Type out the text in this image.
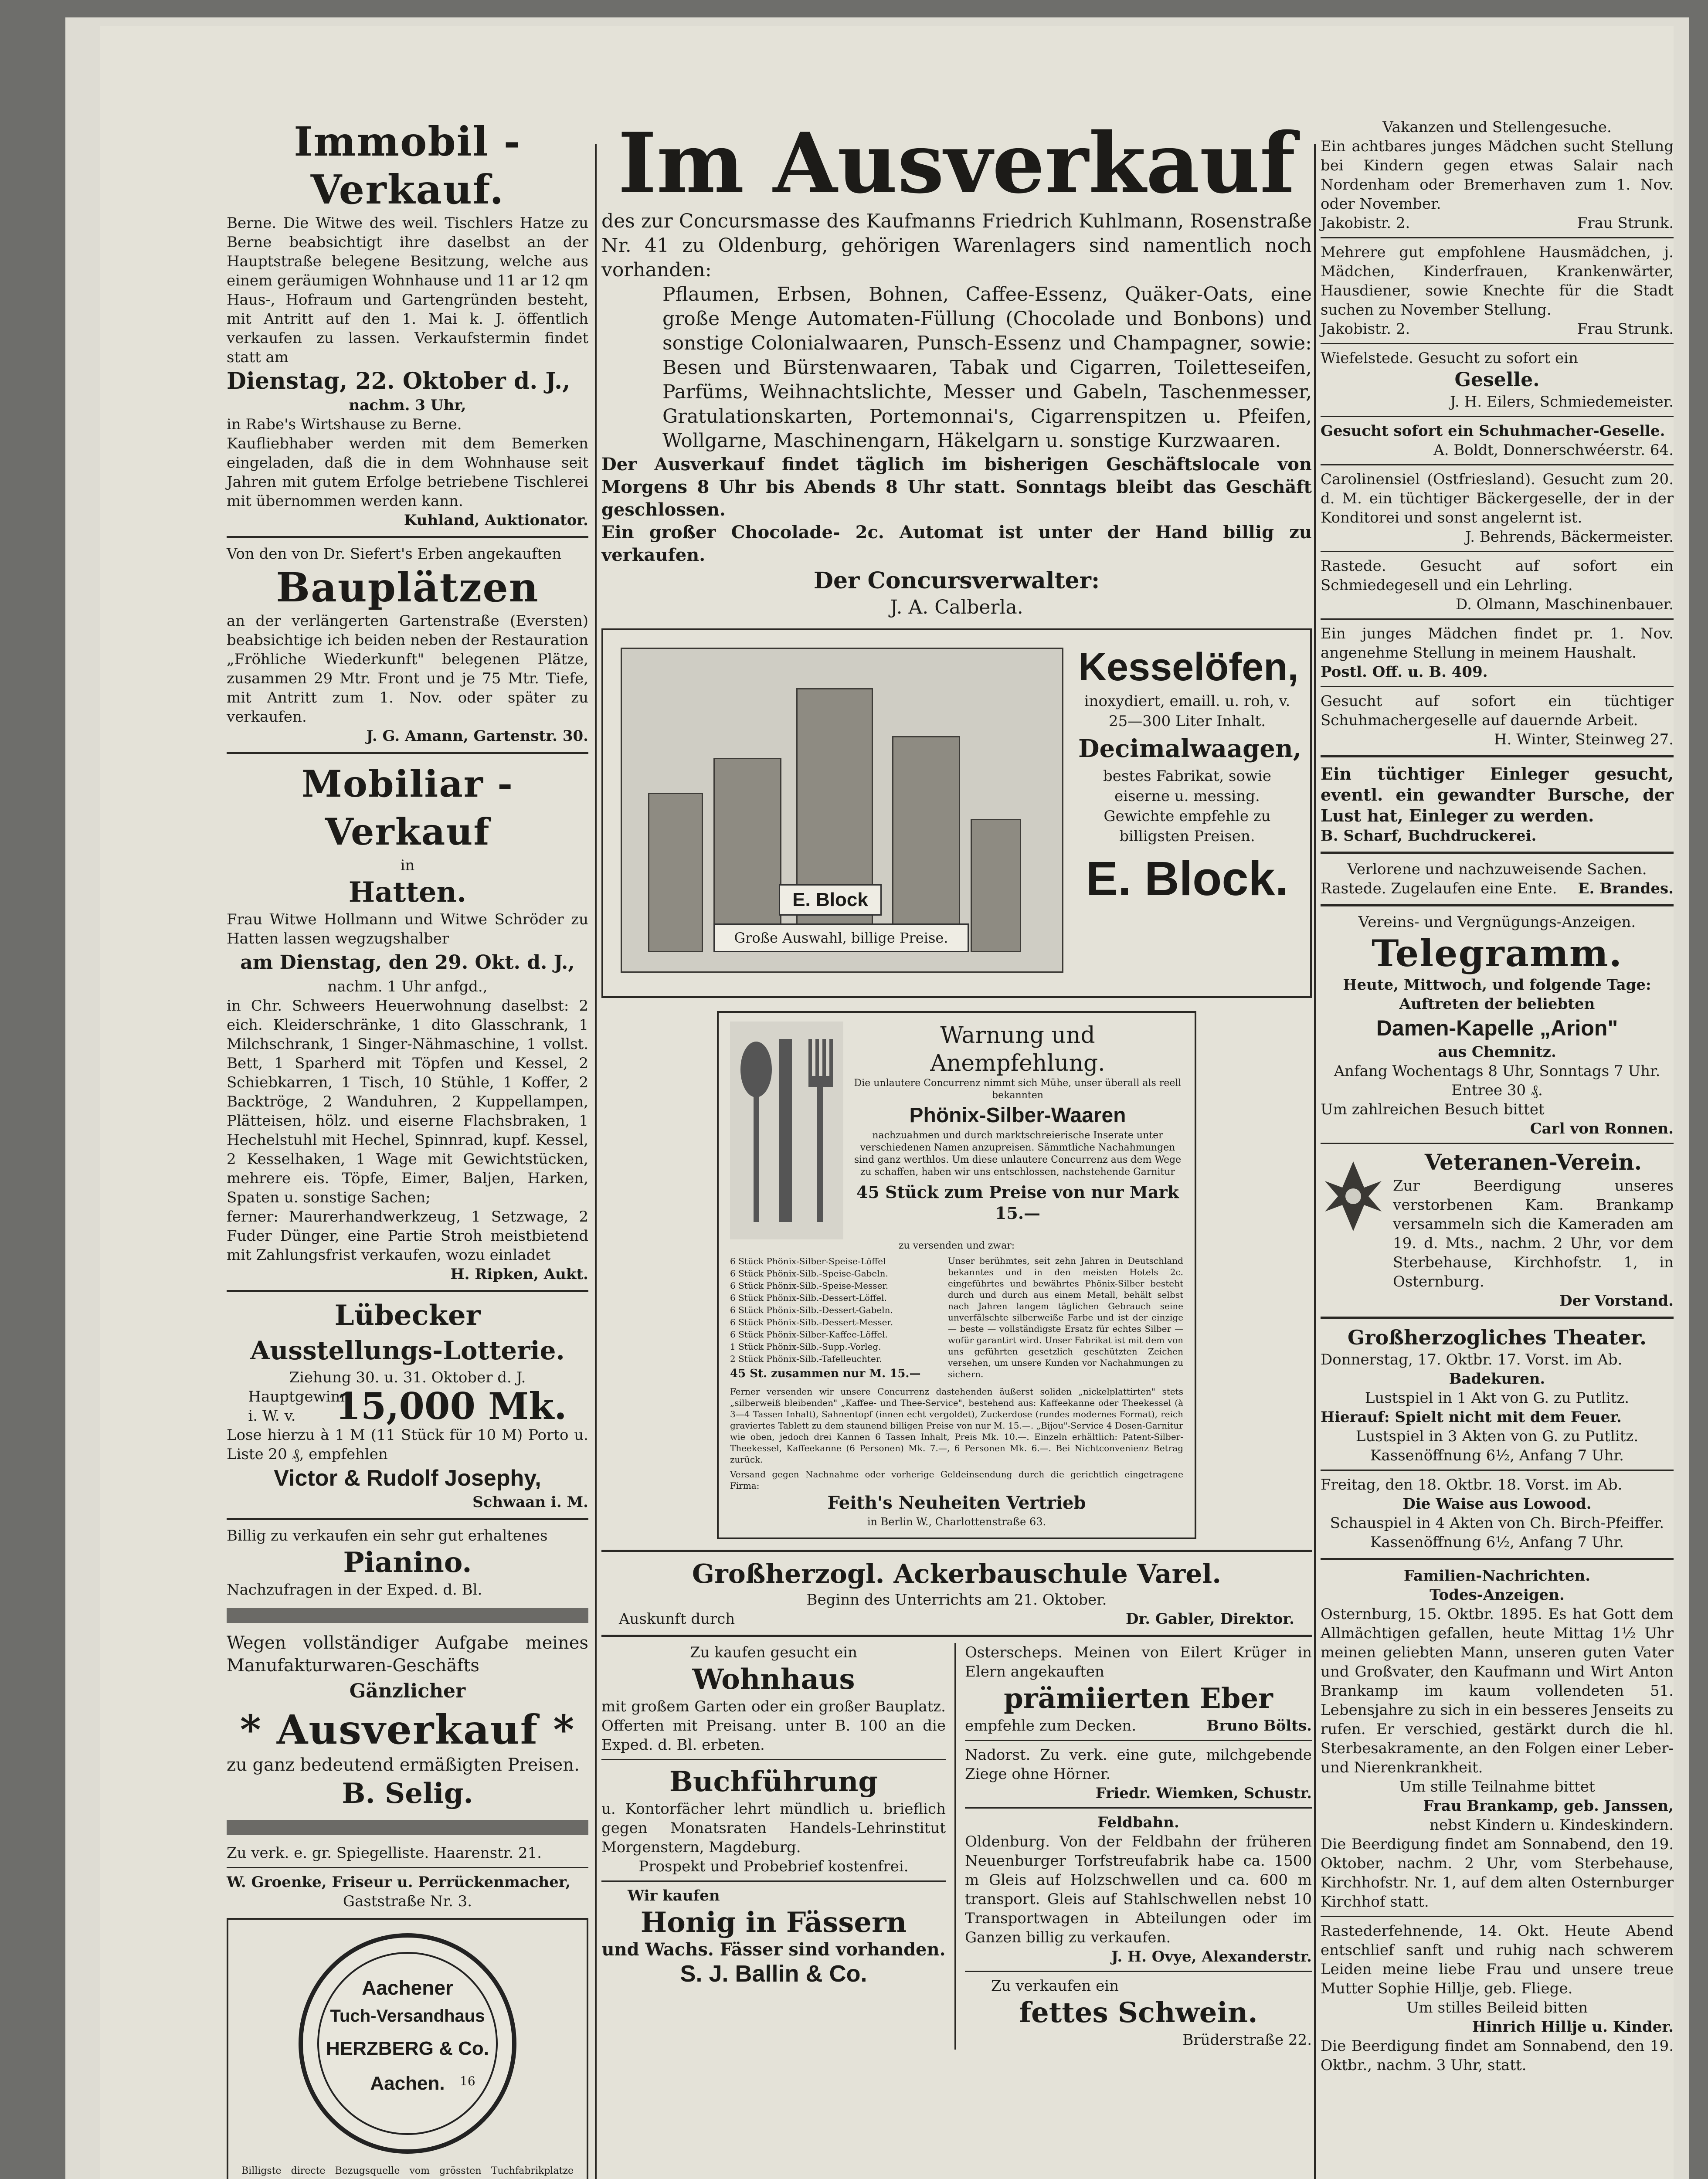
Immobil - Verkauf.

Berne. Die Witwe des weil. Tischlers Hatze zu Berne beabsichtigt ihre daselbst an der Hauptstraße belegene Besitzung, welche aus einem geräumigen Wohnhause und 11 ar 12 qm Haus-, Hofraum und Gartengründen besteht, mit Antritt auf den 1. Mai k. J. öffentlich verkaufen zu lassen. Verkaufstermin findet statt am

Dienstag, 22. Oktober d. J.,

nachm. 3 Uhr,

in Rabe's Wirtshause zu Berne.

Kaufliebhaber werden mit dem Bemerken eingeladen, daß die in dem Wohnhause seit Jahren mit gutem Erfolge betriebene Tischlerei mit übernommen werden kann.

Kuhland, Auktionator.

Von den von Dr. Siefert's Erben angekauften

Bauplätzen

an der verlängerten Gartenstraße (Eversten) beabsichtige ich beiden neben der Restauration „Fröhliche Wiederkunft" belegenen Plätze, zusammen 29 Mtr. Front und je 75 Mtr. Tiefe, mit Antritt zum 1. Nov. oder später zu verkaufen.

J. G. Amann, Gartenstr. 30.

Mobiliar - Verkauf

in

Hatten.

Frau Witwe Hollmann und Witwe Schröder zu Hatten lassen wegzugshalber

am Dienstag, den 29. Okt. d. J.,

nachm. 1 Uhr anfgd.,

in Chr. Schweers Heuerwohnung daselbst: 2 eich. Kleiderschränke, 1 dito Glasschrank, 1 Milchschrank, 1 Singer-Nähmaschine, 1 vollst. Bett, 1 Sparherd mit Töpfen und Kessel, 2 Schiebkarren, 1 Tisch, 10 Stühle, 1 Koffer, 2 Backtröge, 2 Wanduhren, 2 Kuppellampen, Plätteisen, hölz. und eiserne Flachsbraken, 1 Hechelstuhl mit Hechel, Spinnrad, kupf. Kessel, 2 Kesselhaken, 1 Wage mit Gewichtstücken, mehrere eis. Töpfe, Eimer, Baljen, Harken, Spaten u. sonstige Sachen;

ferner: Maurerhandwerkzeug, 1 Setzwage, 2 Fuder Dünger, eine Partie Stroh meistbietend mit Zahlungsfrist verkaufen, wozu einladet

H. Ripken, Aukt.

Lübecker

Ausstellungs-Lotterie.

Ziehung 30. u. 31. Oktober d. J.

Hauptgewinn i. W. v.	15,000 Mk.

Lose hierzu à 1 M (11 Stück für 10 M) Porto u. Liste 20 ₰, empfehlen

Victor & Rudolf Josephy,

Schwaan i. M.

Billig zu verkaufen ein sehr gut erhaltenes

Pianino.

Nachzufragen in der Exped. d. Bl.

Wegen vollständiger Aufgabe meines Manufakturwaren-Geschäfts

Gänzlicher

* Ausverkauf *

zu ganz bedeutend ermäßigten Preisen.

B. Selig.

Zu verk. e. gr. Spiegelliste. Haarenstr. 21.

W. Groenke, Friseur u. Perrückenmacher,

Gaststraße Nr. 3.

Aachener

Tuch-Versandhaus

HERZBERG & Co.

Aachen.	16

Billigste directe Bezugsquelle vom grössten Tuchfabrikplatze

Im Ausverkauf

des zur Concursmasse des Kaufmanns Friedrich Kuhlmann, Rosenstraße Nr. 41 zu Oldenburg, gehörigen Warenlagers sind namentlich noch vorhanden:

Pflaumen, Erbsen, Bohnen, Caffee-Essenz, Quäker-Oats, eine große Menge Automaten-Füllung (Chocolade und Bonbons) und sonstige Colonialwaaren, Punsch-Essenz und Champagner, sowie: Besen und Bürstenwaaren, Tabak und Cigarren, Toiletteseifen, Parfüms, Weihnachtslichte, Messer und Gabeln, Taschenmesser, Gratulationskarten, Portemonnai's, Cigarrenspitzen u. Pfeifen, Wollgarne, Maschinengarn, Häkelgarn u. sonstige Kurzwaaren.

Der Ausverkauf findet täglich im bisherigen Geschäftslocale von Morgens 8 Uhr bis Abends 8 Uhr statt. Sonntags bleibt das Geschäft geschlossen.

Ein großer Chocolade- 2c. Automat ist unter der Hand billig zu verkaufen.

Der Concursverwalter:

J. A. Calberla.

E. Block

Große Auswahl, billige Preise.

Kesselöfen,

inoxydiert, emaill. u. roh, v. 25—300 Liter Inhalt.

Decimalwaagen,

bestes Fabrikat, sowie eiserne u. messing. Gewichte empfehle zu billigsten Preisen.

E. Block.

Warnung und Anempfehlung.

Die unlautere Concurrenz nimmt sich Mühe, unser überall als reell bekannten

Phönix-Silber-Waaren

nachzuahmen und durch marktschreierische Inserate unter verschiedenen Namen anzupreisen. Sämmtliche Nachahmungen sind ganz werthlos. Um diese unlautere Concurrenz aus dem Wege zu schaffen, haben wir uns entschlossen, nachstehende Garnitur

45 Stück zum Preise von nur Mark 15.—

zu versenden und zwar:

6 Stück Phönix-Silber-Speise-Löffel

6 Stück Phönix-Silb.-Speise-Gabeln.

6 Stück Phönix-Silb.-Speise-Messer.

6 Stück Phönix-Silb.-Dessert-Löffel.

6 Stück Phönix-Silb.-Dessert-Gabeln.

6 Stück Phönix-Silb.-Dessert-Messer.

6 Stück Phönix-Silber-Kaffee-Löffel.

1 Stück Phönix-Silb.-Supp.-Vorleg.

2 Stück Phönix-Silb.-Tafelleuchter.

45 St. zusammen nur M. 15.—

Unser berühmtes, seit zehn Jahren in Deutschland bekanntes und in den meisten Hotels 2c. eingeführtes und bewährtes Phönix-Silber besteht durch und durch aus einem Metall, behält selbst nach Jahren langem täglichen Gebrauch seine unverfälschte silberweiße Farbe und ist der einzige — beste — vollständigste Ersatz für echtes Silber — wofür garantirt wird. Unser Fabrikat ist mit dem von uns geführten gesetzlich geschützten Zeichen versehen, um unsere Kunden vor Nachahmungen zu sichern.

Ferner versenden wir unsere Concurrenz dastehenden äußerst soliden „nickelplattirten" stets „silberweiß bleibenden" „Kaffee- und Thee-Service", bestehend aus: Kaffeekanne oder Theekessel (à 3—4 Tassen Inhalt), Sahnentopf (innen echt vergoldet), Zuckerdose (rundes modernes Format), reich graviertes Tablett zu dem staunend billigen Preise von nur M. 15.—. „Bijou"-Service 4 Dosen-Garnitur wie oben, jedoch drei Kannen 6 Tassen Inhalt, Preis Mk. 10.—. Einzeln erhältlich: Patent-Silber-Theekessel, Kaffeekanne (6 Personen) Mk. 7.—, 6 Personen Mk. 6.—. Bei Nichtconvenienz Betrag zurück.

Versand gegen Nachnahme oder vorherige Geldeinsendung durch die gerichtlich eingetragene Firma:

Feith's Neuheiten Vertrieb

in Berlin W., Charlottenstraße 63.

Großherzogl. Ackerbauschule Varel.

Beginn des Unterrichts am 21. Oktober.

Auskunft durch	Dr. Gabler, Direktor.

Zu kaufen gesucht ein

Wohnhaus

mit großem Garten oder ein großer Bauplatz. Offerten mit Preisang. unter B. 100 an die Exped. d. Bl. erbeten.

Buchführung

u. Kontorfächer lehrt mündlich u. brieflich gegen Monatsraten Handels-Lehrinstitut Morgenstern, Magdeburg.

Prospekt und Probebrief kostenfrei.

Wir kaufen

Honig in Fässern

und Wachs. Fässer sind vorhanden.

S. J. Ballin & Co.

Osterscheps. Meinen von Eilert Krüger in Elern angekauften

prämiierten Eber

empfehle zum Decken.	Bruno Bölts.

Nadorst. Zu verk. eine gute, milchgebende Ziege ohne Hörner.

Friedr. Wiemken, Schustr.

Feldbahn.

Oldenburg. Von der Feldbahn der früheren Neuenburger Torfstreufabrik habe ca. 1500 m Gleis auf Holzschwellen und ca. 600 m transport. Gleis auf Stahlschwellen nebst 10 Transportwagen in Abteilungen oder im Ganzen billig zu verkaufen.

J. H. Ovye, Alexanderstr.

Zu verkaufen ein

fettes Schwein.

Brüderstraße 22.

Vakanzen und Stellengesuche.

Ein achtbares junges Mädchen sucht Stellung bei Kindern gegen etwas Salair nach Nordenham oder Bremerhaven zum 1. Nov. oder November.

Jakobistr. 2.	Frau Strunk.

Mehrere gut empfohlene Hausmädchen, j. Mädchen, Kinderfrauen, Krankenwärter, Hausdiener, sowie Knechte für die Stadt suchen zu November Stellung.

Jakobistr. 2.	Frau Strunk.

Wiefelstede. Gesucht zu sofort ein

Geselle.

J. H. Eilers, Schmiedemeister.

Gesucht sofort ein Schuhmacher-Geselle.

A. Boldt, Donnerschwéerstr. 64.

Carolinensiel (Ostfriesland). Gesucht zum 20. d. M. ein tüchtiger Bäckergeselle, der in der Konditorei und sonst angelernt ist.

J. Behrends, Bäckermeister.

Rastede. Gesucht auf sofort ein Schmiedegesell und ein Lehrling.

D. Olmann, Maschinenbauer.

Ein junges Mädchen findet pr. 1. Nov. angenehme Stellung in meinem Haushalt.

Postl. Off. u. B. 409.

Gesucht auf sofort ein tüchtiger Schuhmachergeselle auf dauernde Arbeit.

H. Winter, Steinweg 27.

Ein tüchtiger Einleger gesucht, eventl. ein gewandter Bursche, der Lust hat, Einleger zu werden.

B. Scharf, Buchdruckerei.

Verlorene und nachzuweisende Sachen.

Rastede. Zugelaufen eine Ente. E. Brandes.

Vereins- und Vergnügungs-Anzeigen.

Telegramm.

Heute, Mittwoch, und folgende Tage: Auftreten der beliebten

Damen-Kapelle „Arion"

aus Chemnitz.

Anfang Wochentags 8 Uhr, Sonntags 7 Uhr.

Entree 30 ₰.

Um zahlreichen Besuch bittet

Carl von Ronnen.

Veteranen-Verein.

Zur Beerdigung unseres verstorbenen Kam. Brankamp versammeln sich die Kameraden am 19. d. Mts., nachm. 2 Uhr, vor dem Sterbehause, Kirchhofstr. 1, in Osternburg.

Der Vorstand.

Großherzogliches Theater.

Donnerstag, 17. Oktbr. 17. Vorst. im Ab.

Badekuren.

Lustspiel in 1 Akt von G. zu Putlitz.

Hierauf: Spielt nicht mit dem Feuer.

Lustspiel in 3 Akten von G. zu Putlitz.

Kassenöffnung 6½, Anfang 7 Uhr.

Freitag, den 18. Oktbr. 18. Vorst. im Ab.

Die Waise aus Lowood.

Schauspiel in 4 Akten von Ch. Birch-Pfeiffer.

Kassenöffnung 6½, Anfang 7 Uhr.

Familien-Nachrichten.

Todes-Anzeigen.

Osternburg, 15. Oktbr. 1895. Es hat Gott dem Allmächtigen gefallen, heute Mittag 1½ Uhr meinen geliebten Mann, unseren guten Vater und Großvater, den Kaufmann und Wirt Anton Brankamp im kaum vollendeten 51. Lebensjahre zu sich in ein besseres Jenseits zu rufen. Er verschied, gestärkt durch die hl. Sterbesakramente, an den Folgen einer Leber- und Nierenkrankheit.

Um stille Teilnahme bittet

Frau Brankamp, geb. Janssen,

nebst Kindern u. Kindeskindern.

Die Beerdigung findet am Sonnabend, den 19. Oktober, nachm. 2 Uhr, vom Sterbehause, Kirchhofstr. Nr. 1, auf dem alten Osternburger Kirchhof statt.

Rastederfehnende, 14. Okt. Heute Abend entschlief sanft und ruhig nach schwerem Leiden meine liebe Frau und unsere treue Mutter Sophie Hillje, geb. Fliege.

Um stilles Beileid bitten

Hinrich Hillje u. Kinder.

Die Beerdigung findet am Sonnabend, den 19. Oktbr., nachm. 3 Uhr, statt.
